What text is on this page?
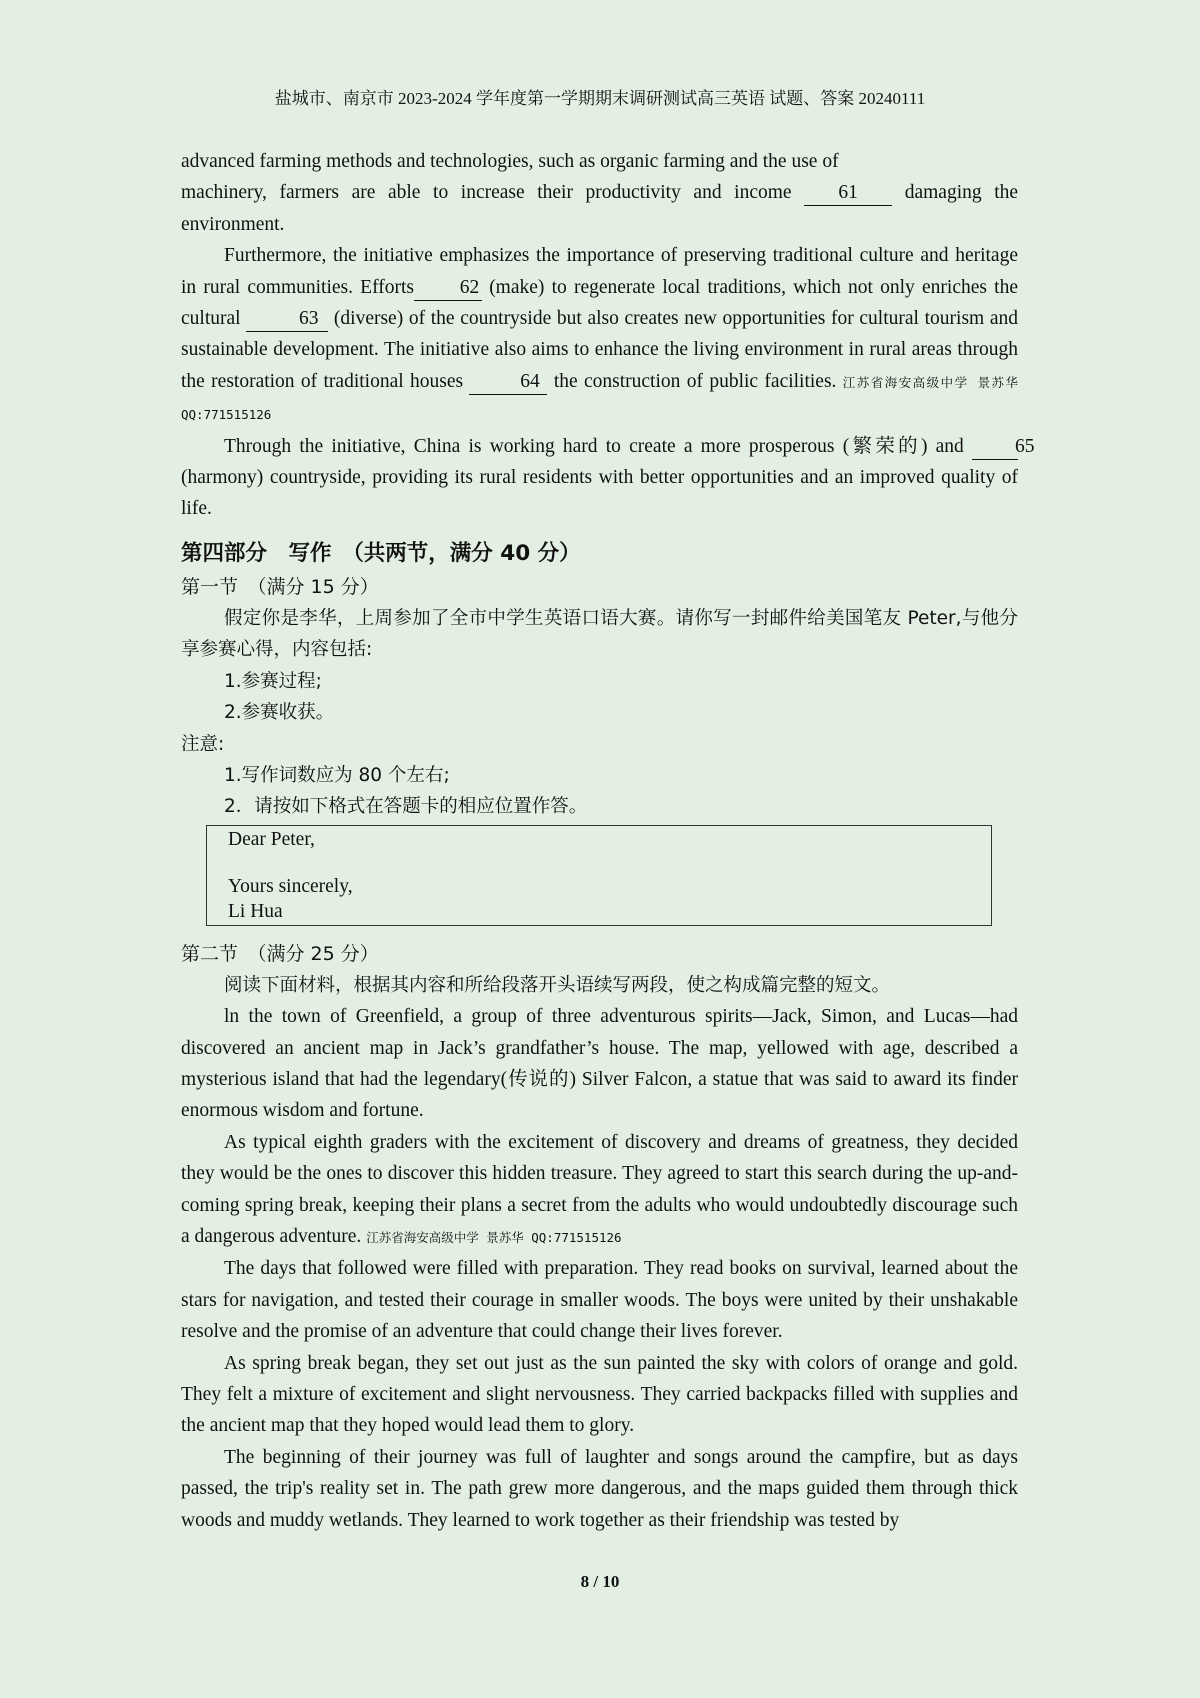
盐城市、南京市 2023-2024 学年度第一学期期末调研测试高三英语 试题、答案 20240111

advanced farming methods and technologies, such as organic farming and the use of
machinery, farmers are able to increase their productivity and income 61 damaging the environment.

Furthermore, the initiative emphasizes the importance of preserving traditional culture and heritage in rural communities. Efforts 62 (make) to regenerate local traditions, which not only enriches the cultural	63 (diverse) of the countryside but also creates new opportunities for cultural tourism and sustainable development. The initiative also aims to enhance the living environment in rural areas through the restoration of traditional houses	64 the construction of public facilities. 江苏省海安高级中学 景苏华 QQ:771515126

Through the initiative, China is working hard to create a more prosperous (繁荣的) and	65 (harmony) countryside, providing its rural residents with better opportunities and an improved quality of life.

第四部分　写作　（共两节，满分 40 分）
第一节　（满分 15 分）

假定你是李华，上周参加了全市中学生英语口语大赛。请你写一封邮件给美国笔友 Peter,与他分享参赛心得，内容包括:

1.参赛过程;

2.参赛收获。

注意:

1.写作词数应为 80 个左右;

2．请按如下格式在答题卡的相应位置作答。

Dear Peter,
Yours sincerely,
Li Hua
第二节　（满分 25 分）

阅读下面材料，根据其内容和所给段落开头语续写两段，使之构成篇完整的短文。

ln the town of Greenfield, a group of three adventurous spirits—Jack, Simon, and Lucas—had discovered an ancient map in Jack’s grandfather’s house. The map, yellowed with age, described a mysterious island that had the legendary(传说的) Silver Falcon, a statue that was said to award its finder enormous wisdom and fortune.

As typical eighth graders with the excitement of discovery and dreams of greatness, they decided they would be the ones to discover this hidden treasure. They agreed to start this search during the up-and-coming spring break, keeping their plans a secret from the adults who would undoubtedly discourage such a dangerous adventure. 江苏省海安高级中学 景苏华 QQ:771515126

The days that followed were filled with preparation. They read books on survival, learned about the stars for navigation, and tested their courage in smaller woods. The boys were united by their unshakable resolve and the promise of an adventure that could change their lives forever.

As spring break began, they set out just as the sun painted the sky with colors of orange and gold. They felt a mixture of excitement and slight nervousness. They carried backpacks filled with supplies and the ancient map that they hoped would lead them to glory.

The beginning of their journey was full of laughter and songs around the campfire, but as days passed, the trip's reality set in. The path grew more dangerous, and the maps guided them through thick woods and muddy wetlands. They learned to work together as their friendship was tested by

8 / 10
